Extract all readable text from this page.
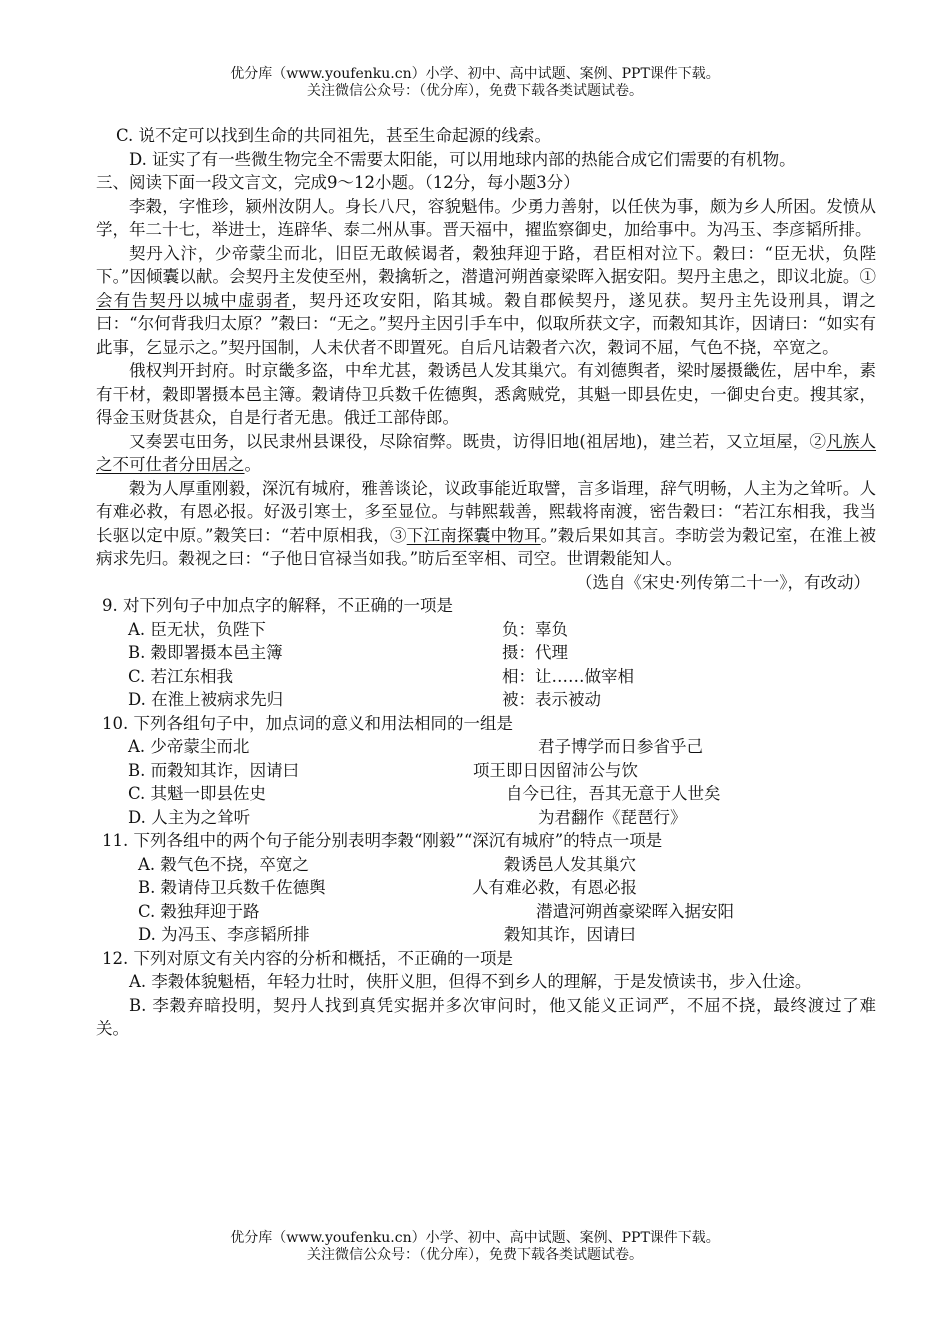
优分库（www.youfenku.cn）小学、初中、高中试题、案例、PPT课件下载。
关注微信公众号：（优分库），免费下载各类试题试卷。

C. 说不定可以找到生命的共同祖先，甚至生命起源的线索。

D. 证实了有一些微生物完全不需要太阳能，可以用地球内部的热能合成它们需要的有机物。

三、阅读下面一段文言文，完成9～12小题。（12分，每小题3分）

李穀，字惟珍，颍州汝阴人。身长八尺，容貌魁伟。少勇力善射，以任侠为事，颇为乡人所困。发愤从学，年二十七，举进士，连辟华、泰二州从事。晋天福中，擢监察御史，加给事中。为冯玉、李彦韬所排。

契丹入汴，少帝蒙尘而北，旧臣无敢候谒者，穀独拜迎于路，君臣相对泣下。穀曰：“臣无状，负陛下。”因倾囊以献。会契丹主发使至州，穀擒斩之，潜遣河朔酋豪梁晖入据安阳。契丹主患之，即议北旋。①会有告契丹以城中虚弱者，契丹还攻安阳，陷其城。穀自郡候契丹，遂见获。契丹主先设刑具，谓之曰：“尔何背我归太原？”穀曰：“无之。”契丹主因引手车中，似取所获文字，而穀知其诈，因请曰：“如实有此事，乞显示之。”契丹国制，人未伏者不即置死。自后凡诘穀者六次，穀词不屈，气色不挠，卒宽之。

俄权判开封府。时京畿多盗，中牟尤甚，穀诱邑人发其巢穴。有刘德舆者，梁时屡摄畿佐，居中牟，素有干材，穀即署摄本邑主簿。穀请侍卫兵数千佐德舆，悉禽贼党，其魁一即县佐史，一御史台吏。搜其家，得金玉财货甚众，自是行者无患。俄迁工部侍郎。

又奏罢屯田务，以民隶州县课役，尽除宿弊。既贵，访得旧地(祖居地)，建兰若，又立垣屋，②凡族人之不可仕者分田居之。

穀为人厚重刚毅，深沉有城府，雅善谈论，议政事能近取譬，言多诣理，辞气明畅，人主为之耸听。人有难必救，有恩必报。好汲引寒士，多至显位。与韩熙载善，熙载将南渡，密告穀曰：“若江东相我，我当长驱以定中原。”穀笑曰：“若中原相我，③下江南探囊中物耳。”穀后果如其言。李昉尝为穀记室，在淮上被病求先归。穀视之曰：“子他日官禄当如我。”昉后至宰相、司空。世谓穀能知人。

（选自《宋史·列传第二十一》，有改动）

9. 对下列句子中加点字的解释，不正确的一项是
A. 臣无状，负陛下	负：辜负
B. 穀即署摄本邑主簿	摄：代理
C. 若江东相我	相：让……做宰相
D. 在淮上被病求先归	被：表示被动
10. 下列各组句子中，加点词的意义和用法相同的一组是
A. 少帝蒙尘而北	君子博学而日参省乎己
B. 而穀知其诈，因请曰	项王即日因留沛公与饮
C. 其魁一即县佐史	自今已往，吾其无意于人世矣
D. 人主为之耸听	为君翻作《琵琶行》
11. 下列各组中的两个句子能分别表明李穀“刚毅”“深沉有城府”的特点一项是
A. 穀气色不挠，卒宽之	穀诱邑人发其巢穴
B. 穀请侍卫兵数千佐德舆	人有难必救，有恩必报
C. 穀独拜迎于路	潜遣河朔酋豪梁晖入据安阳
D. 为冯玉、李彦韬所排	穀知其诈，因请曰
12. 下列对原文有关内容的分析和概括，不正确的一项是

A. 李穀体貌魁梧，年轻力壮时，侠肝义胆，但得不到乡人的理解，于是发愤读书，步入仕途。

B. 李穀弃暗投明，契丹人找到真凭实据并多次审问时，他又能义正词严，不屈不挠，最终渡过了难关。

优分库（www.youfenku.cn）小学、初中、高中试题、案例、PPT课件下载。
关注微信公众号：（优分库），免费下载各类试题试卷。
